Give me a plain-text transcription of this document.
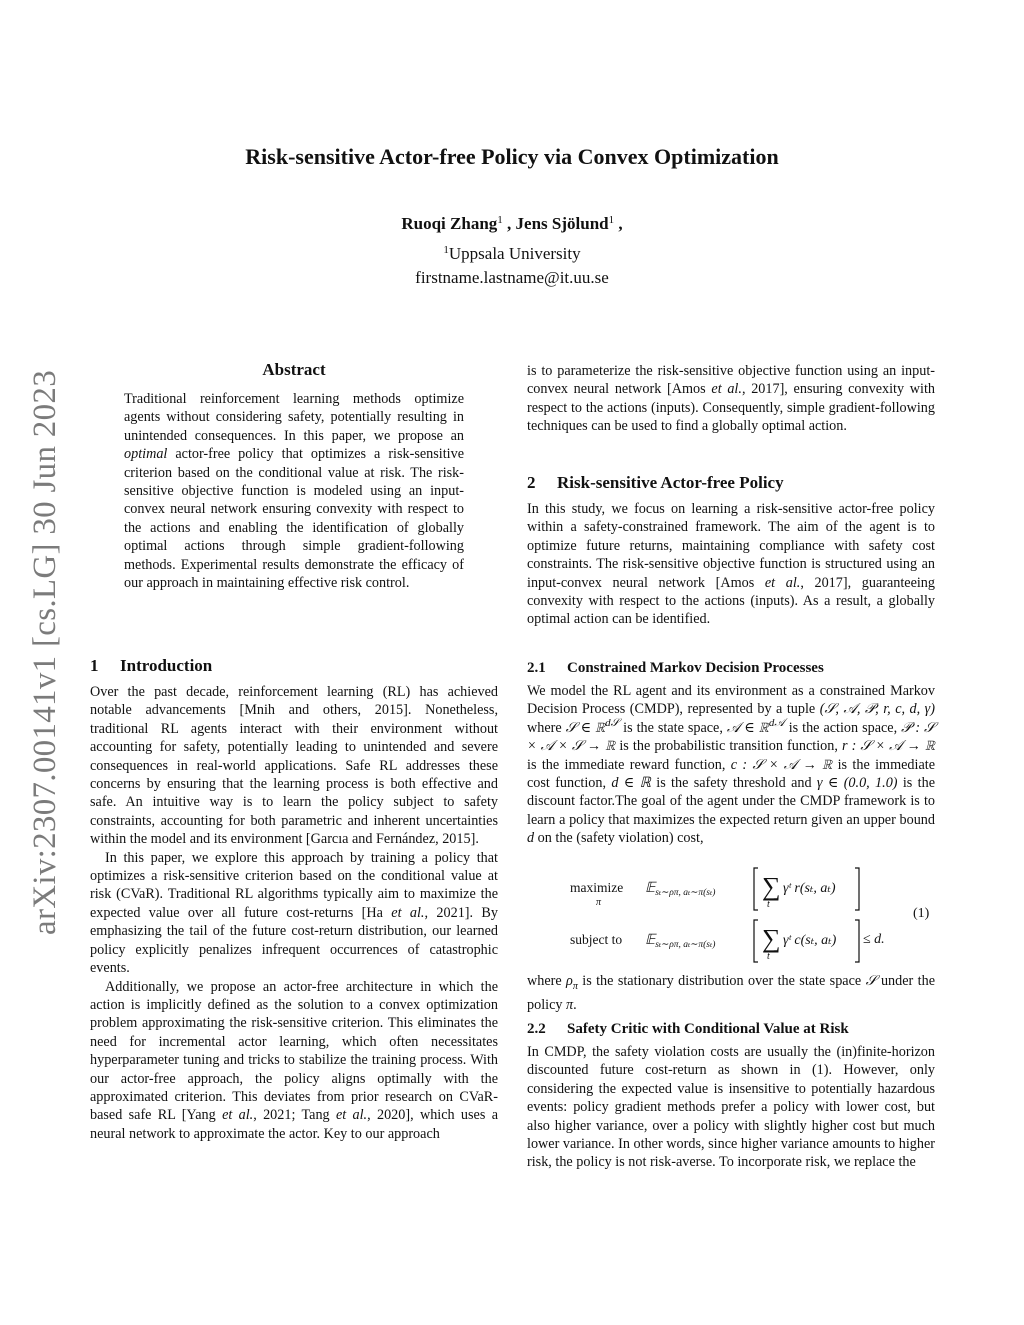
arXiv:2307.00141v1 [cs.LG] 30 Jun 2023
Risk-sensitive Actor-free Policy via Convex Optimization
Ruoqi Zhang$^1$ , Jens Sjölund$^1$ ,
$^1$Uppsala University
firstname.lastname@it.uu.se
Abstract

Traditional reinforcement learning methods optimize agents without considering safety, potentially resulting in unintended consequences. In this paper, we propose an optimal actor-free policy that optimizes a risk-sensitive criterion based on the conditional value at risk. The risk-sensitive objective function is modeled using an input-convex neural network ensuring convexity with respect to the actions and enabling the identification of globally optimal actions through simple gradient-following methods. Experimental results demonstrate the efficacy of our approach in maintaining effective risk control.

1 Introduction

Over the past decade, reinforcement learning (RL) has achieved notable advancements [Mnih and others, 2015]. Nonetheless, traditional RL agents interact with their environment without accounting for safety, potentially leading to unintended and severe consequences in real-world applications. Safe RL addresses these concerns by ensuring that the learning process is both effective and safe. An intuitive way is to learn the policy subject to safety constraints, accounting for both parametric and inherent uncertainties within the model and its environment [Garcıa and Fernández, 2015].

In this paper, we explore this approach by training a policy that optimizes a risk-sensitive criterion based on the conditional value at risk (CVaR). Traditional RL algorithms typically aim to maximize the expected value over all future cost-returns [Ha et al., 2021]. By emphasizing the tail of the future cost-return distribution, our learned policy explicitly penalizes infrequent occurrences of catastrophic events.

Additionally, we propose an actor-free architecture in which the action is implicitly defined as the solution to a convex optimization problem approximating the risk-sensitive criterion. This eliminates the need for incremental actor learning, which often necessitates hyperparameter tuning and tricks to stabilize the training process. With our actor-free approach, the policy aligns optimally with the approximated criterion. This deviates from prior research on CVaR-based safe RL [Yang et al., 2021; Tang et al., 2020], which uses a neural network to approximate the actor. Key to our approach

is to parameterize the risk-sensitive objective function using an input-convex neural network [Amos et al., 2017], ensuring convexity with respect to the actions (inputs). Consequently, simple gradient-following techniques can be used to find a globally optimal action.

2 Risk-sensitive Actor-free Policy

In this study, we focus on learning a risk-sensitive actor-free policy within a safety-constrained framework. The aim of the agent is to optimize future returns, maintaining compliance with safety cost constraints. The risk-sensitive objective function is structured using an input-convex neural network [Amos et al., 2017], guaranteeing convexity with respect to the actions (inputs). As a result, a globally optimal action can be identified.

2.1 Constrained Markov Decision Processes

We model the RL agent and its environment as a constrained Markov Decision Process (CMDP), represented by a tuple (𝒮, 𝒜, 𝒫, r, c, d, γ) where 𝒮 ∈ ℝ$^{d𝒮}$ is the state space, 𝒜 ∈ ℝ$^{d𝒜}$ is the action space, 𝒫 : 𝒮 × 𝒜 × 𝒮 → ℝ is the probabilistic transition function, r : 𝒮 × 𝒜 → ℝ is the immediate reward function, c : 𝒮 × 𝒜 → ℝ is the immediate cost function, d ∈ ℝ is the safety threshold and γ ∈ (0.0, 1.0) is the discount factor.The goal of the agent under the CMDP framework is to learn a policy that maximizes the expected return given an upper bound d on the (safety violation) cost,

maximize
π
𝔼$_{s_t\sim\rho\pi, a_t\sim\pi(s_t)}$ ∑
t
γᵗ r(sₜ, aₜ)
subject to 𝔼$_{s_t\sim\rho\pi, a_t\sim\pi(s_t)}$ ∑
t
γᵗ c(sₜ, aₜ) ≤ d.
(1)

where $\rho_\pi$ is the stationary distribution over the state space 𝒮 under the policy π.

2.2 Safety Critic with Conditional Value at Risk

In CMDP, the safety violation costs are usually the (in)finite-horizon discounted future cost-return as shown in (1). However, only considering the expected value is insensitive to potentially hazardous events: policy gradient methods prefer a policy with lower cost, but also higher variance, over a policy with slightly higher cost but much lower variance. In other words, since higher variance amounts to higher risk, the policy is not risk-averse. To incorporate risk, we replace the
